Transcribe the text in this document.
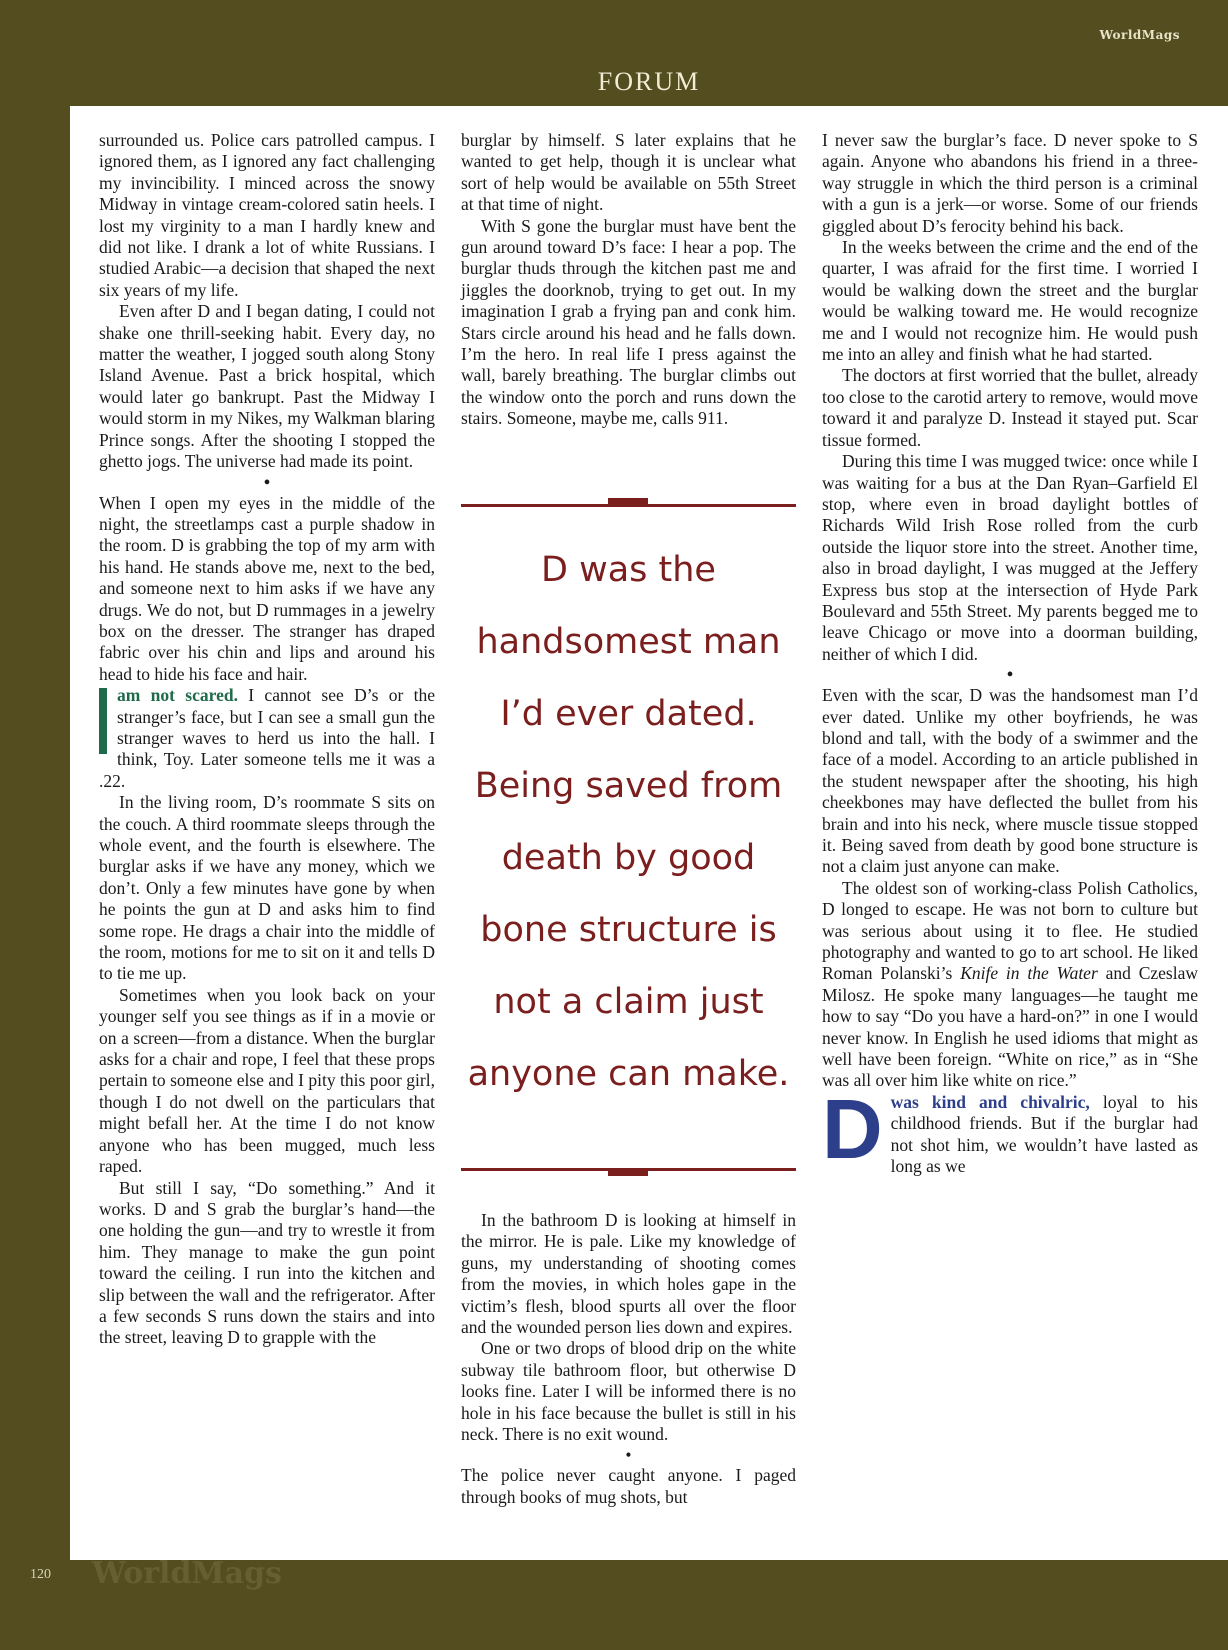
WorldMags
FORUM

surrounded us. Police cars patrolled campus. I ignored them, as I ignored any fact challenging my invincibility. I minced across the snowy Midway in vintage cream-colored satin heels. I lost my virginity to a man I hardly knew and did not like. I drank a lot of white Russians. I studied Arabic—a decision that shaped the next six years of my life.

Even after D and I began dating, I could not shake one thrill-seeking habit. Every day, no matter the weather, I jogged south along Stony Island Avenue. Past a brick hospital, which would later go bankrupt. Past the Midway I would storm in my Nikes, my Walkman blaring Prince songs. After the shooting I stopped the ghetto jogs. The universe had made its point.

•

When I open my eyes in the middle of the night, the streetlamps cast a purple shadow in the room. D is grabbing the top of my arm with his hand. He stands above me, next to the bed, and someone next to him asks if we have any drugs. We do not, but D rummages in a jewelry box on the dresser. The stranger has draped fabric over his chin and lips and around his head to hide his face and hair.

am not scared. I cannot see D’s or the stranger’s face, but I can see a small gun the stranger waves to herd us into the hall. I think, Toy. Later someone tells me it was a .22.

In the living room, D’s roommate S sits on the couch. A third roommate sleeps through the whole event, and the fourth is elsewhere. The burglar asks if we have any money, which we don’t. Only a few minutes have gone by when he points the gun at D and asks him to find some rope. He drags a chair into the middle of the room, motions for me to sit on it and tells D to tie me up.

Sometimes when you look back on your younger self you see things as if in a movie or on a screen—from a distance. When the burglar asks for a chair and rope, I feel that these props pertain to someone else and I pity this poor girl, though I do not dwell on the particulars that might befall her. At the time I do not know anyone who has been mugged, much less raped.

But still I say, “Do something.” And it works. D and S grab the burglar’s hand—the one holding the gun—and try to wrestle it from him. They manage to make the gun point toward the ceiling. I run into the kitchen and slip between the wall and the refrigerator. After a few seconds S runs down the stairs and into the street, leaving D to grapple with the

burglar by himself. S later explains that he wanted to get help, though it is unclear what sort of help would be available on 55th Street at that time of night.

With S gone the burglar must have bent the gun around toward D’s face: I hear a pop. The burglar thuds through the kitchen past me and jiggles the doorknob, trying to get out. In my imagination I grab a frying pan and conk him. Stars circle around his head and he falls down. I’m the hero. In real life I press against the wall, barely breathing. The burglar climbs out the window onto the porch and runs down the stairs. Someone, maybe me, calls 911.

D was the
handsomest man
I’d ever dated.
Being saved from
death by good
bone structure is
not a claim just
anyone can make.

In the bathroom D is looking at himself in the mirror. He is pale. Like my knowledge of guns, my understanding of shooting comes from the movies, in which holes gape in the victim’s flesh, blood spurts all over the floor and the wounded person lies down and expires.

One or two drops of blood drip on the white subway tile bathroom floor, but otherwise D looks fine. Later I will be informed there is no hole in his face because the bullet is still in his neck. There is no exit wound.

•

The police never caught anyone. I paged through books of mug shots, but

I never saw the burglar’s face. D never spoke to S again. Anyone who abandons his friend in a three-way struggle in which the third person is a criminal with a gun is a jerk—or worse. Some of our friends giggled about D’s ferocity behind his back.

In the weeks between the crime and the end of the quarter, I was afraid for the first time. I worried I would be walking down the street and the burglar would be walking toward me. He would recognize me and I would not recognize him. He would push me into an alley and finish what he had started.

The doctors at first worried that the bullet, already too close to the carotid artery to remove, would move toward it and paralyze D. Instead it stayed put. Scar tissue formed.

During this time I was mugged twice: once while I was waiting for a bus at the Dan Ryan–Garfield El stop, where even in broad daylight bottles of Richards Wild Irish Rose rolled from the curb outside the liquor store into the street. Another time, also in broad daylight, I was mugged at the Jeffery Express bus stop at the intersection of Hyde Park Boulevard and 55th Street. My parents begged me to leave Chicago or move into a doorman building, neither of which I did.

•

Even with the scar, D was the handsomest man I’d ever dated. Unlike my other boyfriends, he was blond and tall, with the body of a swimmer and the face of a model. According to an article published in the student newspaper after the shooting, his high cheekbones may have deflected the bullet from his brain and into his neck, where muscle tissue stopped it. Being saved from death by good bone structure is not a claim just anyone can make.

The oldest son of working-class Polish Catholics, D longed to escape. He was not born to culture but was serious about using it to flee. He studied photography and wanted to go to art school. He liked Roman Polanski’s Knife in the Water and Czeslaw Milosz. He spoke many languages—he taught me how to say “Do you have a hard-on?” in one I would never know. In English he used idioms that might as well have been foreign. “White on rice,” as in “She was all over him like white on rice.”

Dwas kind and chivalric, loyal to his childhood friends. But if the burglar had not shot him, we wouldn’t have lasted as long as we

120 WorldMags
